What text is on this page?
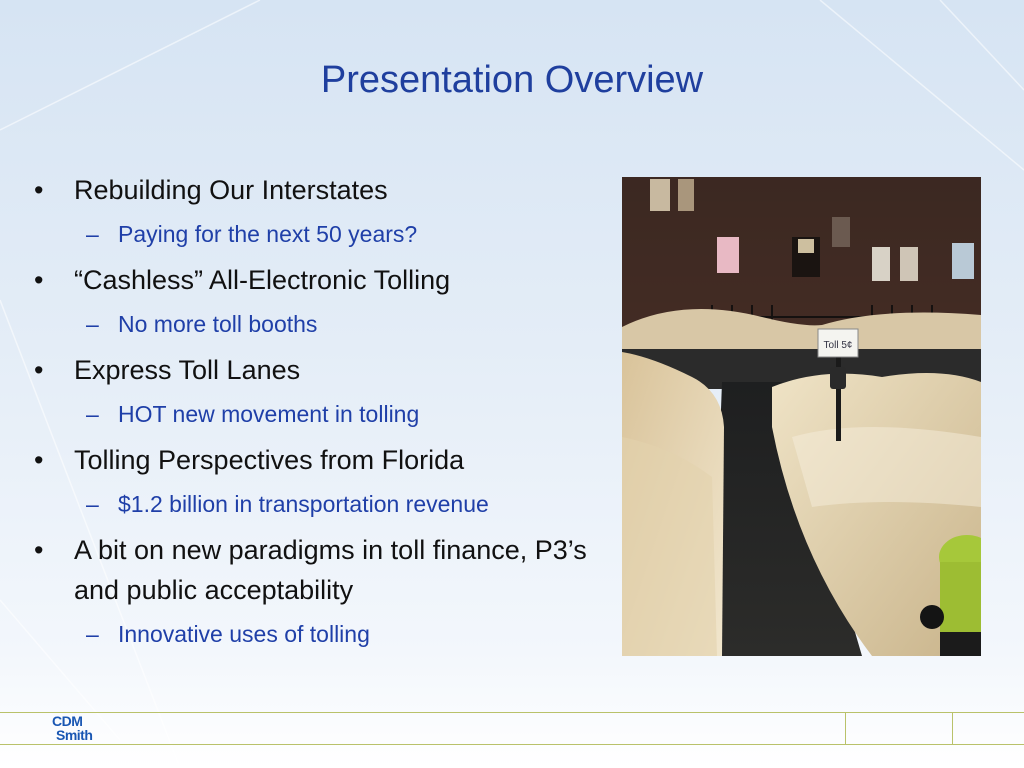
Presentation Overview
• Rebuilding Our Interstates
– Paying for the next 50 years?
• “Cashless” All-Electronic Tolling
– No more toll booths
• Express Toll Lanes
– HOT new movement in tolling
• Tolling Perspectives from Florida
– $1.2 billion in transportation revenue
• A bit on new paradigms in toll finance, P3’s and public acceptability
– Innovative uses of tolling
Toll 5¢
CDM
Smith
